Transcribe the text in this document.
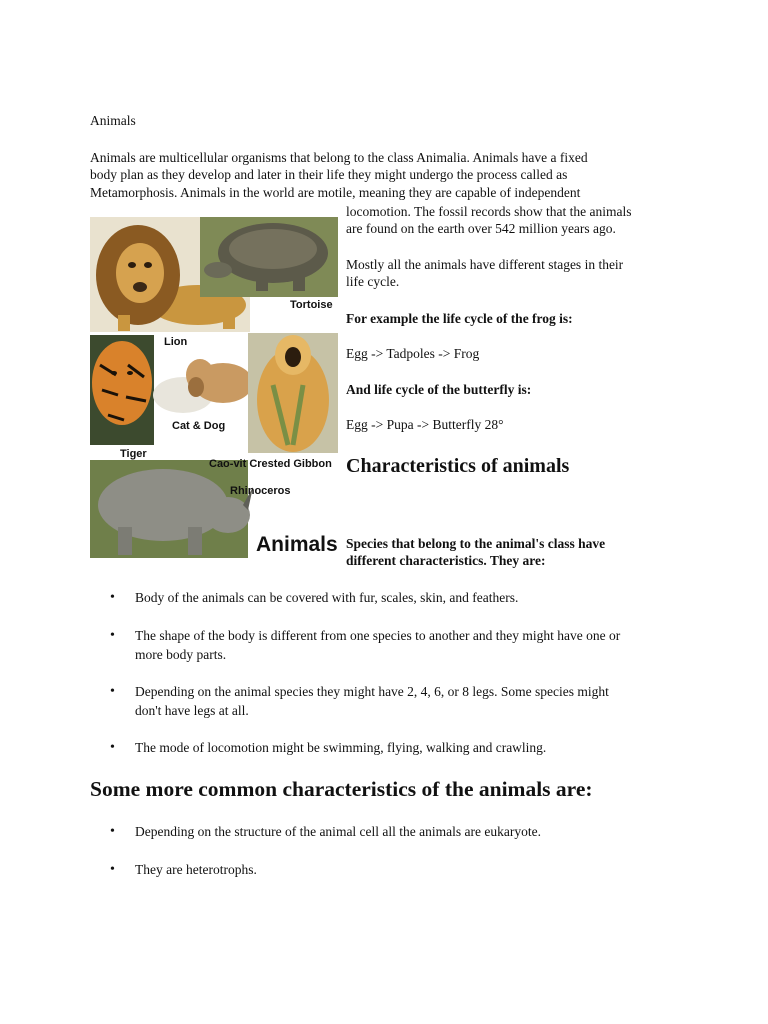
Animals

Animals are multicellular organisms that belong to the class Animalia. Animals have a fixed

body plan as they develop and later in their life they might undergo the process called as

Metamorphosis. Animals in the world are motile, meaning they are capable of independent

locomotion. The fossil records show that the animals

are found on the earth over 542 million years ago.

Mostly all the animals have different stages in their

life cycle.

For example the life cycle of the frog is:

Egg -> Tadpoles -> Frog

And life cycle of the butterfly is:

Egg -> Pupa -> Butterfly 28°

Characteristics of animals

Species that belong to the animal's class have

different characteristics. They are:

• Body of the animals can be covered with fur, scales, skin, and feathers.
• The shape of the body is different from one species to another and they might have one or
more body parts.
• Depending on the animal species they might have 2, 4, 6, or 8 legs. Some species might
don't have legs at all.
• The mode of locomotion might be swimming, flying, walking and crawling.

Some more common characteristics of the animals are:

• Depending on the structure of the animal cell all the animals are eukaryote.
• They are heterotrophs.
Tortoise
Lion
Cat & Dog
Tiger
Cao-vit Crested Gibbon
Rhinoceros
Animals
